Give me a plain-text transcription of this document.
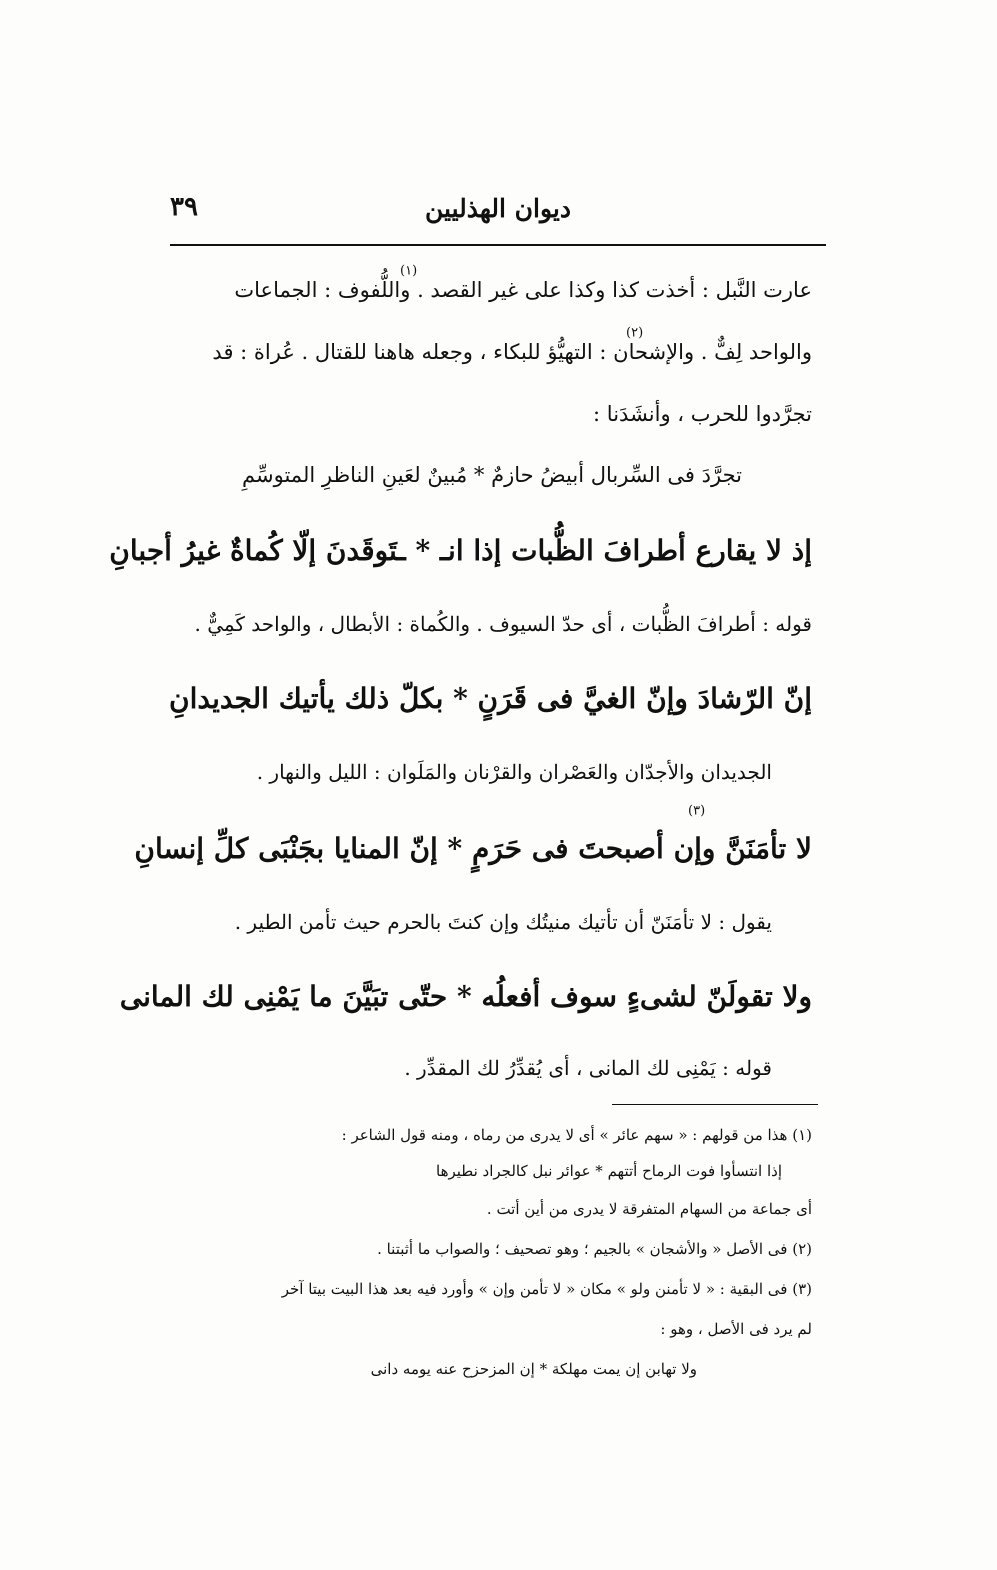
٣٩	ديوان الهذليين
عارت النَّبل : أخذت كذا وكذا على غير القصد . واللُّفوف : الجماعات
$^{(١)}$
والواحد لِفٌّ . والإشحان : التهيُّؤ للبكاء ، وجعله هاهنا للقتال . عُراة : قد
$^{(٢)}$
تجرَّدوا للحرب ، وأنشَدَنا :
تجرَّدَ فى السِّربال أبيضُ حازمٌ * مُبينٌ لعَينِ الناظرِ المتوسِّمِ
إذ لا يقارع أطرافَ الظُّبات إذا انـ * ـتَوقَدنَ إلّا كُماةٌ غيرُ أجبانِ
قوله : أطرافَ الظُّبات ، أى حدّ السيوف . والكُماة : الأبطال ، والواحد كَمِيٌّ .
إنّ الرّشادَ وإنّ الغيَّ فى قَرَنٍ * بكلّ ذلك يأتيك الجديدانِ
الجديدان والأجدّان والعَصْران والقرْنان والمَلَوان : الليل والنهار .
$^{(٣)}$
لا تأمَنَنَّ وإن أصبحتَ فى حَرَمٍ * إنّ المنايا بجَنْبَى كلِّ إنسانِ
يقول : لا تأمَنَنّ أن تأتيك منيتُك وإن كنتَ بالحرم حيث تأمن الطير .
ولا تقولَنّ لشىءٍ سوف أفعلُه * حتّى تبَيَّنَ ما يَمْنِى لك المانى
قوله : يَمْنِى لك المانى ، أى يُقدِّرُ لك المقدِّر .
(١) هذا من قولهم : « سهم عائر » أى لا يدرى من رماه ، ومنه قول الشاعر :
إذا انتسأوا فوت الرماح أتتهم * عوائر نبل كالجراد نطيرها
أى جماعة من السهام المتفرقة لا يدرى من أين أتت .
(٢) فى الأصل « والأشجان » بالجيم ؛ وهو تصحيف ؛ والصواب ما أثبتنا .
(٣) فى البقية : « لا تأمنن ولو » مكان « لا تأمن وإن » وأورد فيه بعد هذا البيت بيتا آخر
لم يرد فى الأصل ، وهو :
ولا تهابن إن يمت مهلكة * إن المزحزح عنه يومه دانى
